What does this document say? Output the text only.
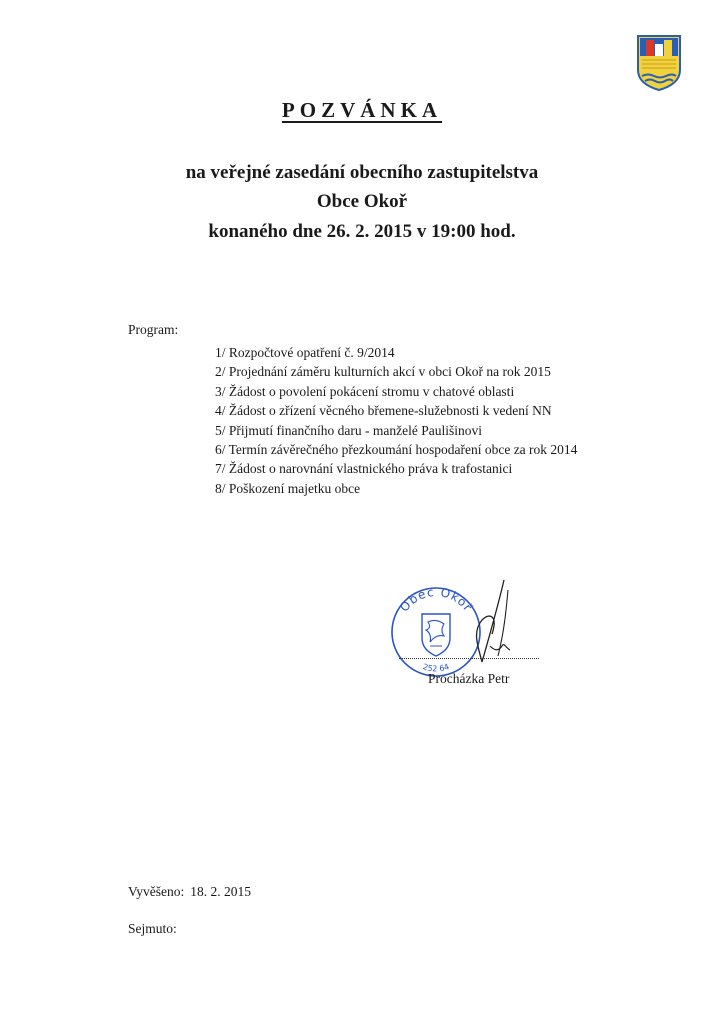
POZVÁNKA
na veřejné zasedání obecního zastupitelstva
Obce Okoř
konaného dne 26. 2. 2015 v 19:00 hod.
Program:
1/ Rozpočtové opatření č. 9/2014
2/ Projednání záměru kulturních akcí v obci Okoř na rok 2015
3/ Žádost o povolení pokácení stromu v chatové oblasti
4/ Žádost o zřízení věcného břemene-služebnosti k vedení NN
5/ Přijmutí finančního daru - manželé Paulišinovi
6/ Termín závěrečného přezkoumání hospodaření obce za rok 2014
7/ Žádost o narovnání vlastnického práva k trafostanici
8/ Poškození majetku obce
Obec Okoř
252 64
Procházka Petr
Vyvěšeno: 18. 2. 2015
Sejmuto:
